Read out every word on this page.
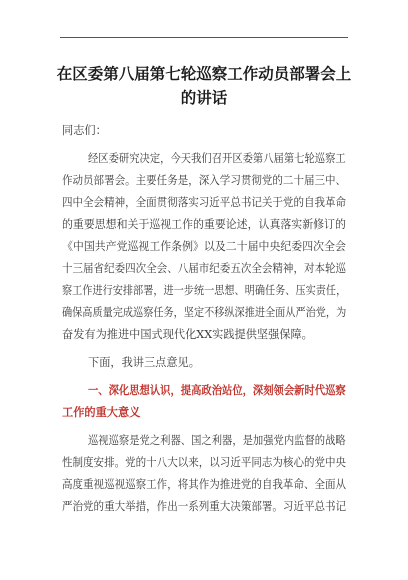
在区委第八届第七轮巡察工作动员部署会上
的讲话
同志们：
经区委研究决定，今天我们召开区委第八届第七轮巡察工
作动员部署会。主要任务是，深入学习贯彻党的二十届三中、
四中全会精神，全面贯彻落实习近平总书记关于党的自我革命
的重要思想和关于巡视工作的重要论述，认真落实新修订的
《中国共产党巡视工作条例》以及二十届中央纪委四次全会
十三届省纪委四次全会、八届市纪委五次全会精神，对本轮巡
察工作进行安排部署，进一步统一思想、明确任务、压实责任，
确保高质量完成巡察任务，坚定不移纵深推进全面从严治党，为
奋发有为推进中国式现代化XX实践提供坚强保障。
下面，我讲三点意见。
一、深化思想认识，提高政治站位，深刻领会新时代巡察
工作的重大意义
巡视巡察是党之利器、国之利器，是加强党内监督的战略
性制度安排。党的十八大以来，以习近平同志为核心的党中央
高度重视巡视巡察工作，将其作为推进党的自我革命、全面从
严治党的重大举措，作出一系列重大决策部署。习近平总书记
